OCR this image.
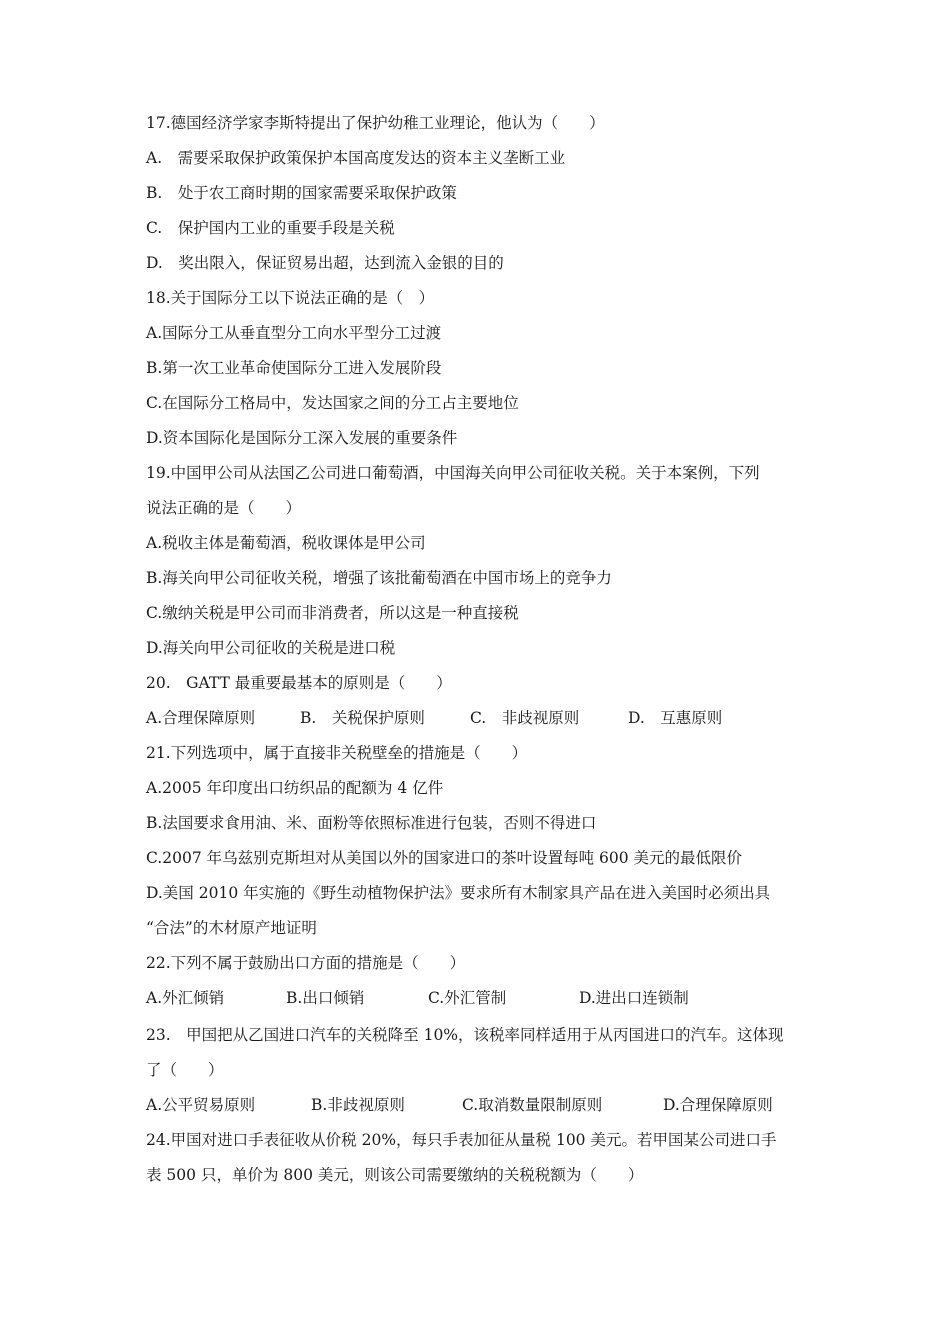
17.德国经济学家李斯特提出了保护幼稚工业理论，他认为（　　）
A.　需要采取保护政策保护本国高度发达的资本主义垄断工业
B.　处于农工商时期的国家需要采取保护政策
C.　保护国内工业的重要手段是关税
D.　奖出限入，保证贸易出超，达到流入金银的目的
18.关于国际分工以下说法正确的是（　）
A.国际分工从垂直型分工向水平型分工过渡
B.第一次工业革命使国际分工进入发展阶段
C.在国际分工格局中，发达国家之间的分工占主要地位
D.资本国际化是国际分工深入发展的重要条件
19.中国甲公司从法国乙公司进口葡萄酒，中国海关向甲公司征收关税。关于本案例，下列
说法正确的是（　　）
A.税收主体是葡萄酒，税收课体是甲公司
B.海关向甲公司征收关税，增强了该批葡萄酒在中国市场上的竞争力
C.缴纳关税是甲公司而非消费者，所以这是一种直接税
D.海关向甲公司征收的关税是进口税
20.　GATT 最重要最基本的原则是（　　）
A.合理保障原则	B.　关税保护原则	C.　非歧视原则	D.　互惠原则
21.下列选项中，属于直接非关税壁垒的措施是（　　）
A.2005 年印度出口纺织品的配额为 4 亿件
B.法国要求食用油、米、面粉等依照标准进行包装，否则不得进口
C.2007 年乌兹别克斯坦对从美国以外的国家进口的茶叶设置每吨 600 美元的最低限价
D.美国 2010 年实施的《野生动植物保护法》要求所有木制家具产品在进入美国时必须出具
“合法”的木材原产地证明
22.下列不属于鼓励出口方面的措施是（　　）
A.外汇倾销	B.出口倾销	C.外汇管制	D.进出口连锁制
23.　甲国把从乙国进口汽车的关税降至 10%，该税率同样适用于从丙国进口的汽车。这体现
了（　　）
A.公平贸易原则	B.非歧视原则	C.取消数量限制原则	D.合理保障原则
24.甲国对进口手表征收从价税 20%，每只手表加征从量税 100 美元。若甲国某公司进口手
表 500 只，单价为 800 美元，则该公司需要缴纳的关税税额为（　　）
